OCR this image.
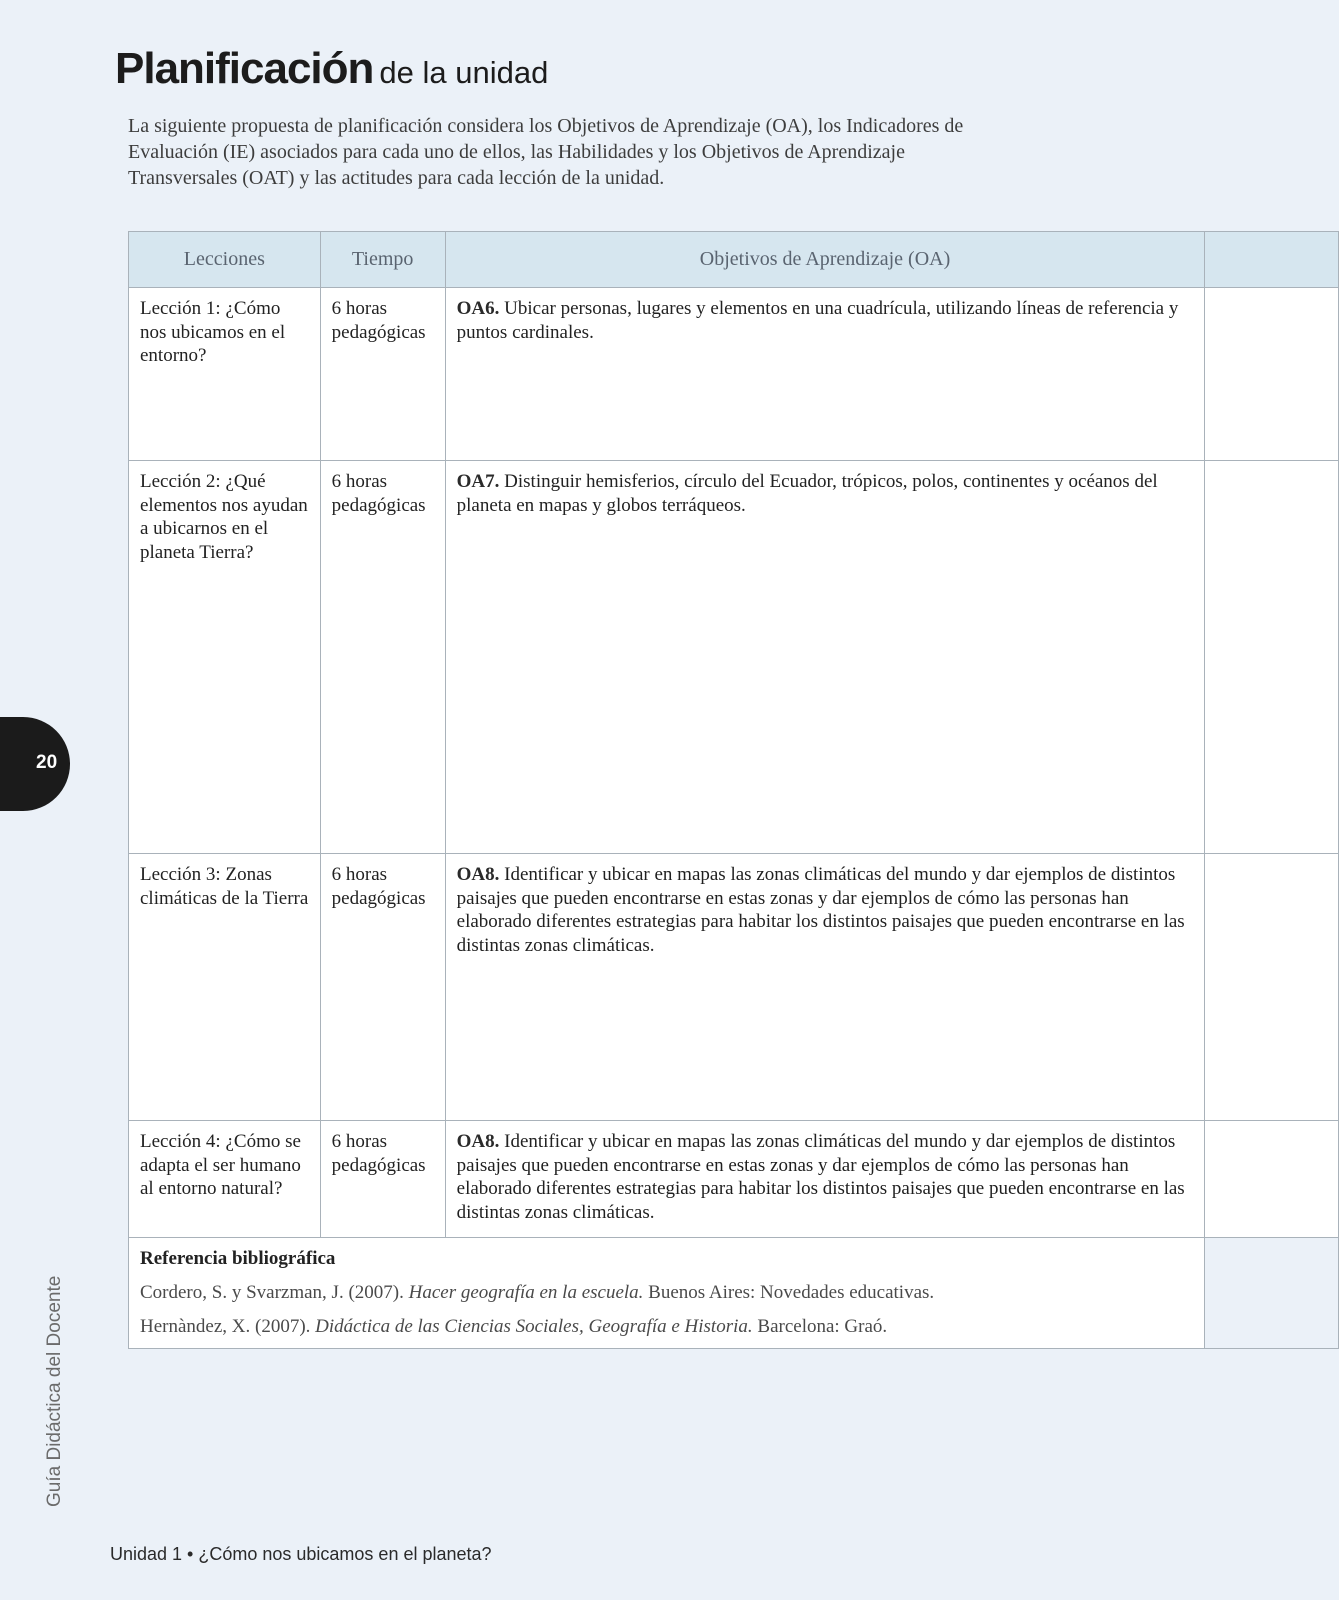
Planificación de la unidad

La siguiente propuesta de planificación considera los Objetivos de Aprendizaje (OA), los Indicadores de Evaluación (IE) asociados para cada uno de ellos, las Habilidades y los Objetivos de Aprendizaje Transversales (OAT) y las actitudes para cada lección de la unidad.

Lecciones	Tiempo	Objetivos de Aprendizaje (OA)	
Lección 1: ¿Cómo nos ubicamos en el entorno?	6 horas pedagógicas	OA6. Ubicar personas, lugares y elementos en una cuadrícula, utilizando líneas de referencia y puntos cardinales.	
Lección 2: ¿Qué elementos nos ayudan a ubicarnos en el planeta Tierra?	6 horas pedagógicas	OA7. Distinguir hemisferios, círculo del Ecuador, trópicos, polos, continentes y océanos del planeta en mapas y globos terráqueos.	
Lección 3: Zonas climáticas de la Tierra	6 horas pedagógicas	OA8. Identificar y ubicar en mapas las zonas climáticas del mundo y dar ejemplos de distintos paisajes que pueden encontrarse en estas zonas y dar ejemplos de cómo las personas han elaborado diferentes estrategias para habitar los distintos paisajes que pueden encontrarse en las distintas zonas climáticas.	
Lección 4: ¿Cómo se adapta el ser humano al entorno natural?	6 horas pedagógicas	OA8. Identificar y ubicar en mapas las zonas climáticas del mundo y dar ejemplos de distintos paisajes que pueden encontrarse en estas zonas y dar ejemplos de cómo las personas han elaborado diferentes estrategias para habitar los distintos paisajes que pueden encontrarse en las distintas zonas climáticas.	

Referencia bibliográfica
Cordero, S. y Svarzman, J. (2007). Hacer geografía en la escuela. Buenos Aires: Novedades educativas.
Hernàndez, X. (2007). Didáctica de las Ciencias Sociales, Geografía e Historia. Barcelona: Graó.			

20
Guía Didáctica del Docente
Unidad 1 • ¿Cómo nos ubicamos en el planeta?
